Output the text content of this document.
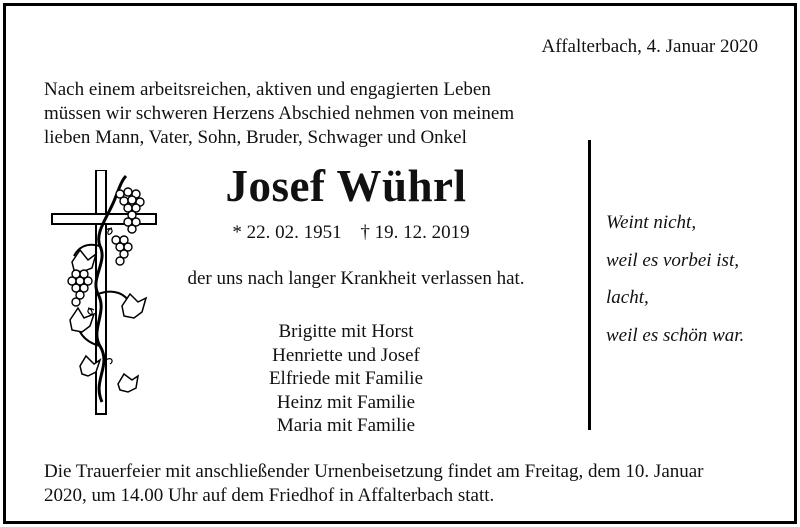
Affalterbach, 4. Januar 2020
Nach einem arbeitsreichen, aktiven und engagierten Leben
müssen wir schweren Herzens Abschied nehmen von meinem
lieben Mann, Vater, Sohn, Bruder, Schwager und Onkel
Josef Wührl
* 22. 02. 1951 † 19. 12. 2019
der uns nach langer Krankheit verlassen hat.
Brigitte mit Horst
Henriette und Josef
Elfriede mit Familie
Heinz mit Familie
Maria mit Familie
Weint nicht,
weil es vorbei ist,
lacht,
weil es schön war.
Die Trauerfeier mit anschließender Urnenbeisetzung findet am Freitag, dem 10. Januar
2020, um 14.00 Uhr auf dem Friedhof in Affalterbach statt.
